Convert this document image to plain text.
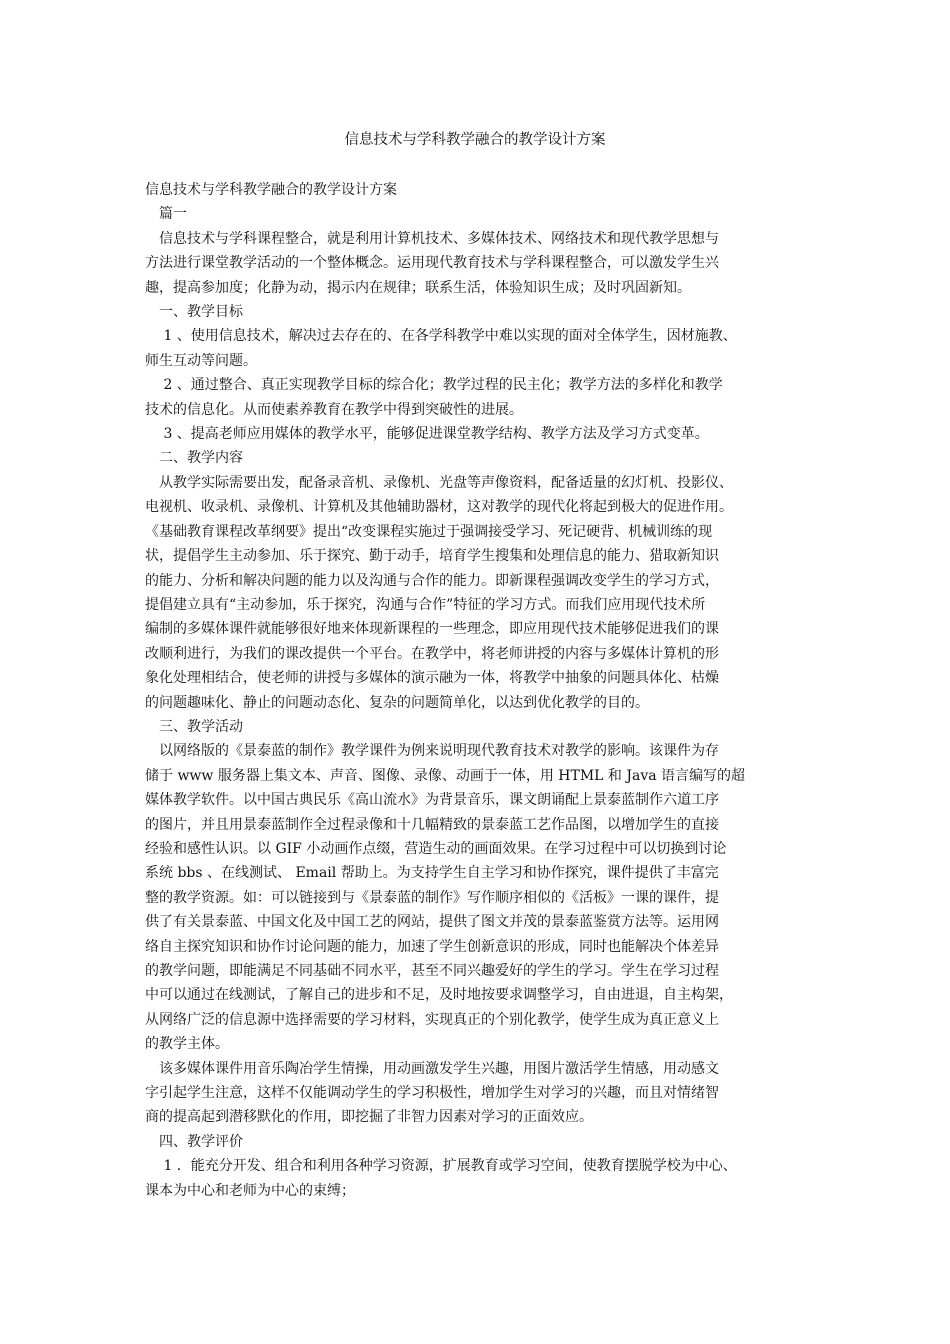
信息技术与学科教学融合的教学设计方案
信息技术与学科教学融合的教学设计方案
　篇一
　信息技术与学科课程整合，就是利用计算机技术、多媒体技术、网络技术和现代教学思想与
方法进行课堂教学活动的一个整体概念。运用现代教育技术与学科课程整合，可以激发学生兴
趣，提高参加度；化静为动，揭示内在规律；联系生活，体验知识生成；及时巩固新知。
　一、教学目标
　 1 、使用信息技术，解决过去存在的、在各学科教学中难以实现的面对全体学生，因材施教、
师生互动等问题。
　 2 、通过整合、真正实现教学目标的综合化；教学过程的民主化；教学方法的多样化和教学
技术的信息化。从而使素养教育在教学中得到突破性的进展。
　 3 、提高老师应用媒体的教学水平，能够促进课堂教学结构、教学方法及学习方式变革。
　二、教学内容
　从教学实际需要出发，配备录音机、录像机、光盘等声像资料，配备适量的幻灯机、投影仪、
电视机、收录机、录像机、计算机及其他辅助器材，这对教学的现代化将起到极大的促进作用。
《基础教育课程改革纲要》提出“改变课程实施过于强调接受学习、死记硬背、机械训练的现
状，提倡学生主动参加、乐于探究、勤于动手，培育学生搜集和处理信息的能力、猎取新知识
的能力、分析和解决问题的能力以及沟通与合作的能力。即新课程强调改变学生的学习方式，
提倡建立具有“主动参加，乐于探究，沟通与合作”特征的学习方式。而我们应用现代技术所
编制的多媒体课件就能够很好地来体现新课程的一些理念，即应用现代技术能够促进我们的课
改顺利进行，为我们的课改提供一个平台。在教学中，将老师讲授的内容与多媒体计算机的形
象化处理相结合，使老师的讲授与多媒体的演示融为一体，将教学中抽象的问题具体化、枯燥
的问题趣味化、静止的问题动态化、复杂的问题简单化，以达到优化教学的目的。
　三、教学活动
　以网络版的《景泰蓝的制作》教学课件为例来说明现代教育技术对教学的影响。该课件为存
储于 www 服务器上集文本、声音、图像、录像、动画于一体，用 HTML 和 Java 语言编写的超
媒体教学软件。以中国古典民乐《高山流水》为背景音乐，课文朗诵配上景泰蓝制作六道工序
的图片，并且用景泰蓝制作全过程录像和十几幅精致的景泰蓝工艺作品图，以增加学生的直接
经验和感性认识。以 GIF 小动画作点缀，营造生动的画面效果。在学习过程中可以切换到讨论
系统 bbs 、在线测试、 Email 帮助上。为支持学生自主学习和协作探究，课件提供了丰富完
整的教学资源。如：可以链接到与《景泰蓝的制作》写作顺序相似的《活板》一课的课件，提
供了有关景泰蓝、中国文化及中国工艺的网站，提供了图文并茂的景泰蓝鉴赏方法等。运用网
络自主探究知识和协作讨论问题的能力，加速了学生创新意识的形成，同时也能解决个体差异
的教学问题，即能满足不同基础不同水平，甚至不同兴趣爱好的学生的学习。学生在学习过程
中可以通过在线测试，了解自己的进步和不足，及时地按要求调整学习，自由进退，自主构架，
从网络广泛的信息源中选择需要的学习材料，实现真正的个别化教学，使学生成为真正意义上
的教学主体。
　该多媒体课件用音乐陶冶学生情操，用动画激发学生兴趣，用图片激活学生情感，用动感文
字引起学生注意，这样不仅能调动学生的学习积极性，增加学生对学习的兴趣，而且对情绪智
商的提高起到潜移默化的作用，即挖掘了非智力因素对学习的正面效应。
　四、教学评价
　 1 ．能充分开发、组合和利用各种学习资源，扩展教育或学习空间，使教育摆脱学校为中心、
课本为中心和老师为中心的束缚；
